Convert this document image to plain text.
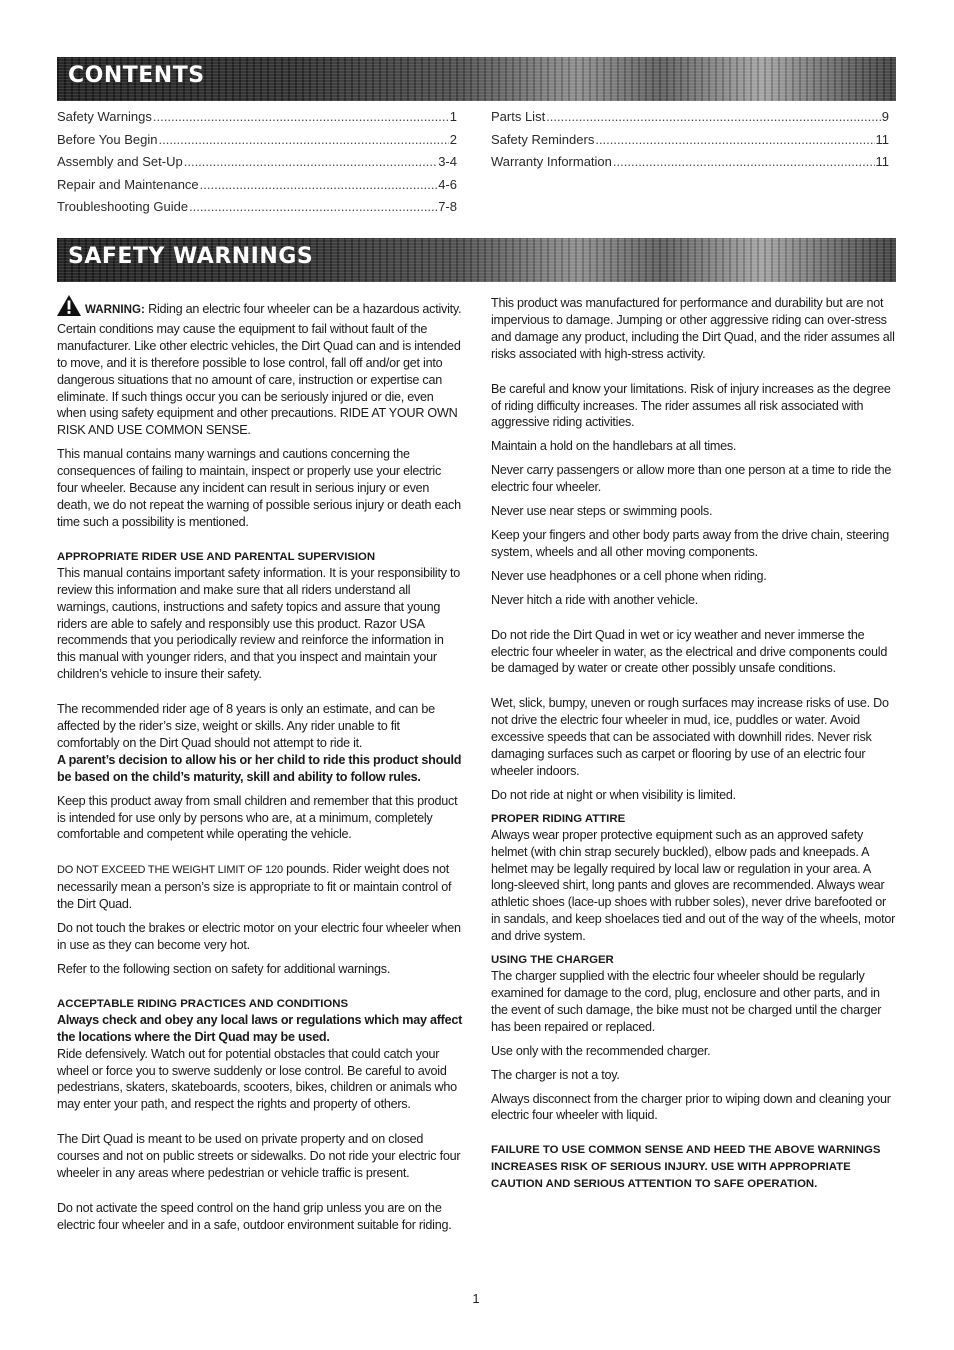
CONTENTS
Safety Warnings .....	1
Before You Begin .....	2
Assembly and Set-Up .....	3-4
Repair and Maintenance .....	4-6
Troubleshooting Guide .....	7-8
Parts List .....	9
Safety Reminders .....	11
Warranty Information .....	11
SAFETY WARNINGS

WARNING: Riding an electric four wheeler can be a hazardous activity. Certain conditions may cause the equipment to fail without fault of the manufacturer. Like other electric vehicles, the Dirt Quad can and is intended to move, and it is therefore possible to lose control, fall off and/or get into dangerous situations that no amount of care, instruction or expertise can eliminate. If such things occur you can be seriously injured or die, even when using safety equipment and other precautions. RIDE AT YOUR OWN RISK AND USE COMMON SENSE.

This manual contains many warnings and cautions concerning the consequences of failing to maintain, inspect or properly use your electric four wheeler. Because any incident can result in serious injury or even death, we do not repeat the warning of possible serious injury or death each time such a possibility is mentioned.

APPROPRIATE RIDER USE AND PARENTAL SUPERVISION

This manual contains important safety information. It is your responsibility to review this information and make sure that all riders understand all warnings, cautions, instructions and safety topics and assure that young riders are able to safely and responsibly use this product. Razor USA recommends that you periodically review and reinforce the information in this manual with younger riders, and that you inspect and maintain your children’s vehicle to insure their safety.

The recommended rider age of 8 years is only an estimate, and can be affected by the rider’s size, weight or skills. Any rider unable to fit comfortably on the Dirt Quad should not attempt to ride it.

A parent’s decision to allow his or her child to ride this product should be based on the child’s maturity, skill and ability to follow rules.

Keep this product away from small children and remember that this product is intended for use only by persons who are, at a minimum, completely comfortable and competent while operating the vehicle.

DO NOT EXCEED THE WEIGHT LIMIT OF 120 pounds. Rider weight does not necessarily mean a person’s size is appropriate to fit or maintain control of the Dirt Quad.

Do not touch the brakes or electric motor on your electric four wheeler when in use as they can become very hot.

Refer to the following section on safety for additional warnings.

ACCEPTABLE RIDING PRACTICES AND CONDITIONS

Always check and obey any local laws or regulations which may affect the locations where the Dirt Quad may be used.

Ride defensively. Watch out for potential obstacles that could catch your wheel or force you to swerve suddenly or lose control. Be careful to avoid pedestrians, skaters, skateboards, scooters, bikes, children or animals who may enter your path, and respect the rights and property of others.

The Dirt Quad is meant to be used on private property and on closed courses and not on public streets or sidewalks. Do not ride your electric four wheeler in any areas where pedestrian or vehicle traffic is present.

Do not activate the speed control on the hand grip unless you are on the electric four wheeler and in a safe, outdoor environment suitable for riding.

This product was manufactured for performance and durability but are not impervious to damage. Jumping or other aggressive riding can over-stress and damage any product, including the Dirt Quad, and the rider assumes all risks associated with high-stress activity.

Be careful and know your limitations. Risk of injury increases as the degree of riding difficulty increases. The rider assumes all risk associated with aggressive riding activities.

Maintain a hold on the handlebars at all times.

Never carry passengers or allow more than one person at a time to ride the electric four wheeler.

Never use near steps or swimming pools.

Keep your fingers and other body parts away from the drive chain, steering system, wheels and all other moving components.

Never use headphones or a cell phone when riding.

Never hitch a ride with another vehicle.

Do not ride the Dirt Quad in wet or icy weather and never immerse the electric four wheeler in water, as the electrical and drive components could be damaged by water or create other possibly unsafe conditions.

Wet, slick, bumpy, uneven or rough surfaces may increase risks of use. Do not drive the electric four wheeler in mud, ice, puddles or water. Avoid excessive speeds that can be associated with downhill rides. Never risk damaging surfaces such as carpet or flooring by use of an electric four wheeler indoors.

Do not ride at night or when visibility is limited.

PROPER RIDING ATTIRE

Always wear proper protective equipment such as an approved safety helmet (with chin strap securely buckled), elbow pads and kneepads. A helmet may be legally required by local law or regulation in your area. A long-sleeved shirt, long pants and gloves are recommended. Always wear athletic shoes (lace-up shoes with rubber soles), never drive barefooted or in sandals, and keep shoelaces tied and out of the way of the wheels, motor and drive system.

USING THE CHARGER

The charger supplied with the electric four wheeler should be regularly examined for damage to the cord, plug, enclosure and other parts, and in the event of such damage, the bike must not be charged until the charger has been repaired or replaced.

Use only with the recommended charger.

The charger is not a toy.

Always disconnect from the charger prior to wiping down and cleaning your electric four wheeler with liquid.

FAILURE TO USE COMMON SENSE AND HEED THE ABOVE WARNINGS INCREASES RISK OF SERIOUS INJURY. USE WITH APPROPRIATE CAUTION AND SERIOUS ATTENTION TO SAFE OPERATION.

1
